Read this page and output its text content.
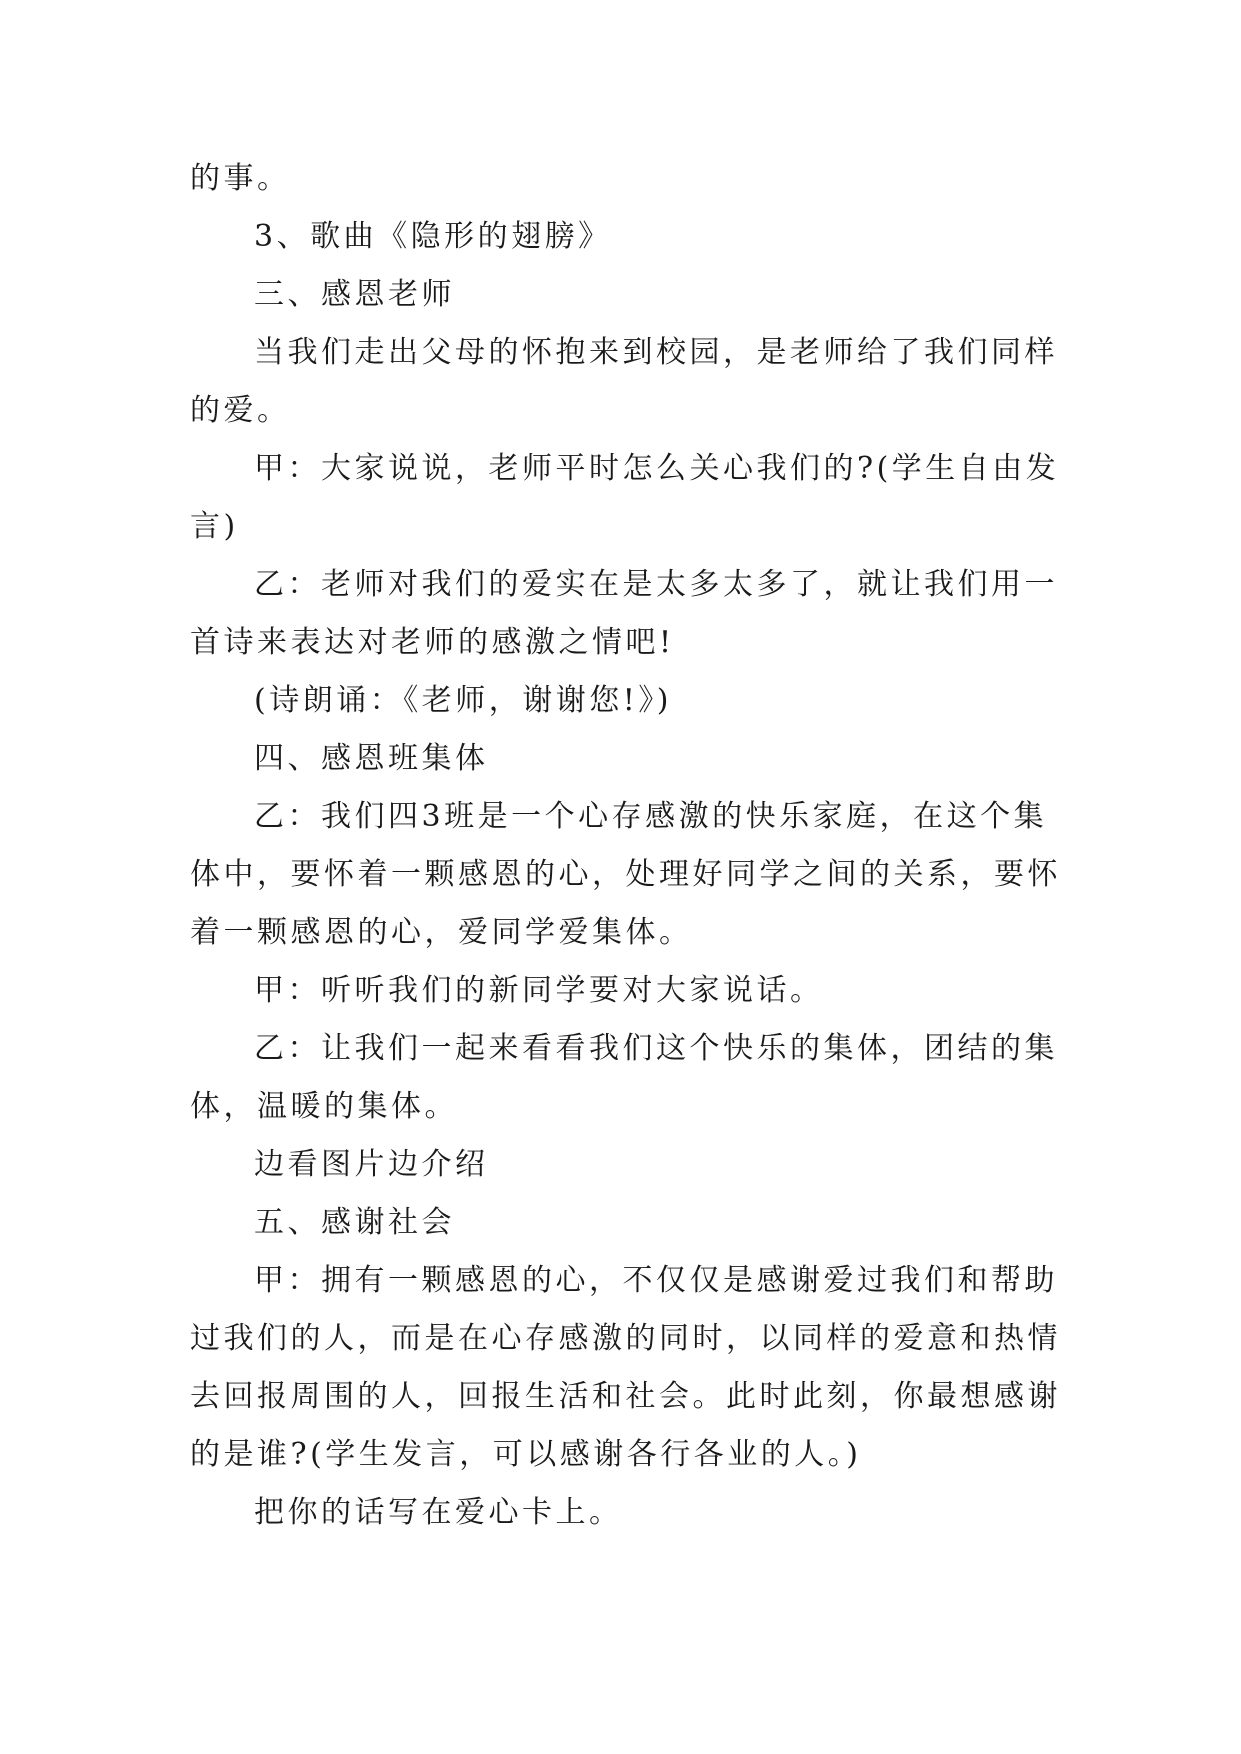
的事。
3、歌曲《隐形的翅膀》
三、感恩老师
当我们走出父母的怀抱来到校园，是老师给了我们同样
的爱。
甲：大家说说，老师平时怎么关心我们的?(学生自由发
言)
乙：老师对我们的爱实在是太多太多了，就让我们用一
首诗来表达对老师的感激之情吧!
(诗朗诵：《老师，谢谢您!》)
四、感恩班集体
乙：我们四3班是一个心存感激的快乐家庭，在这个集
体中，要怀着一颗感恩的心，处理好同学之间的关系，要怀
着一颗感恩的心，爱同学爱集体。
甲：听听我们的新同学要对大家说话。
乙：让我们一起来看看我们这个快乐的集体，团结的集
体，温暖的集体。
边看图片边介绍
五、感谢社会
甲：拥有一颗感恩的心，不仅仅是感谢爱过我们和帮助
过我们的人，而是在心存感激的同时，以同样的爱意和热情
去回报周围的人，回报生活和社会。此时此刻，你最想感谢
的是谁?(学生发言，可以感谢各行各业的人。)
把你的话写在爱心卡上。
